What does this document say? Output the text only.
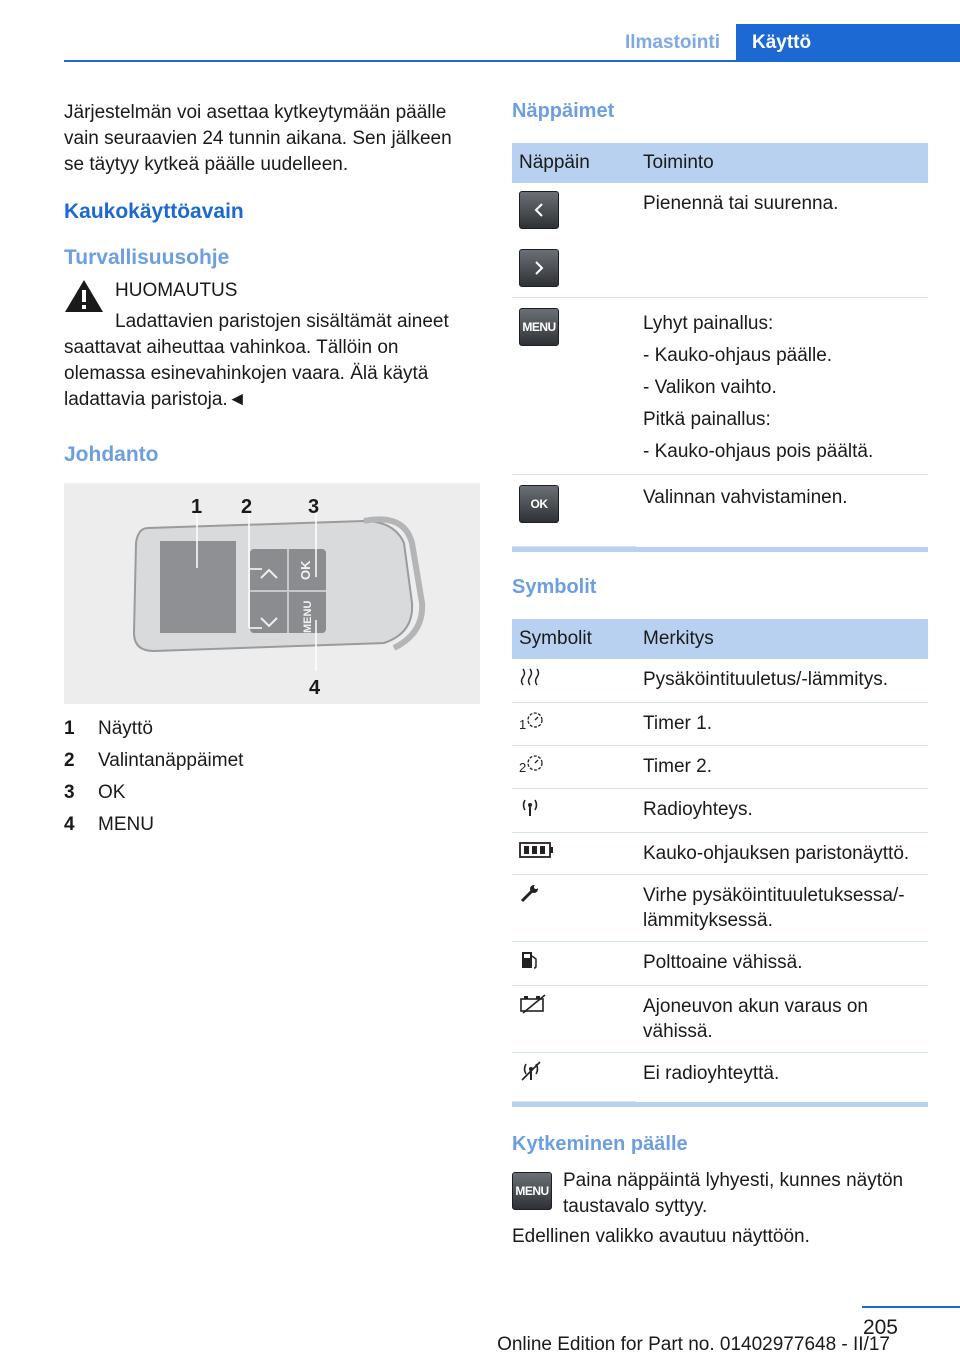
Ilmastointi	Käyttö

Järjestelmän voi asettaa kytkeytymään päälle vain seuraavien 24 tunnin aikana. Sen jälkeen se täytyy kytkeä päälle uudelleen.

Kaukokäyttöavain
Turvallisuusohje
HUOMAUTUS
Ladattavien paristojen sisältämät aineet saattavat aiheuttaa vahinkoa. Tällöin on olemassa esinevahinkojen vaara. Älä käytä ladattavia paristoja.◄
Johdanto
OK
MENU
1 2	3
4
1	Näyttö
2	Valintanäppäimet
3	OK
4	MENU
Näppäimet
Näppäin	Toiminto

	Pienennä tai suurenna.

MENU	Lyhyt painallus:
- Kauko-ohjaus päälle.
- Valikon vaihto.
Pitkä painallus:
- Kauko-ohjaus pois päältä.

OK	Valinnan vahvistaminen.
Symbolit
Symbolit	Merkitys
	Pysäköintituuletus/-lämmitys.
1	Timer 1.
2	Timer 2.
	Radioyhteys.
	Kauko-ohjauksen paristonäyttö.
	Virhe pysäköintituuletuksessa/-lämmityksessä.
	Polttoaine vähissä.
	Ajoneuvon akun varaus on vähissä.
	Ei radioyhteyttä.
Kytkeminen päälle
MENU Paina näppäintä lyhyesti, kunnes näytön taustavalo syttyy.
Edellinen valikko avautuu näyttöön.
205
Online Edition for Part no. 01402977648 - II/17
